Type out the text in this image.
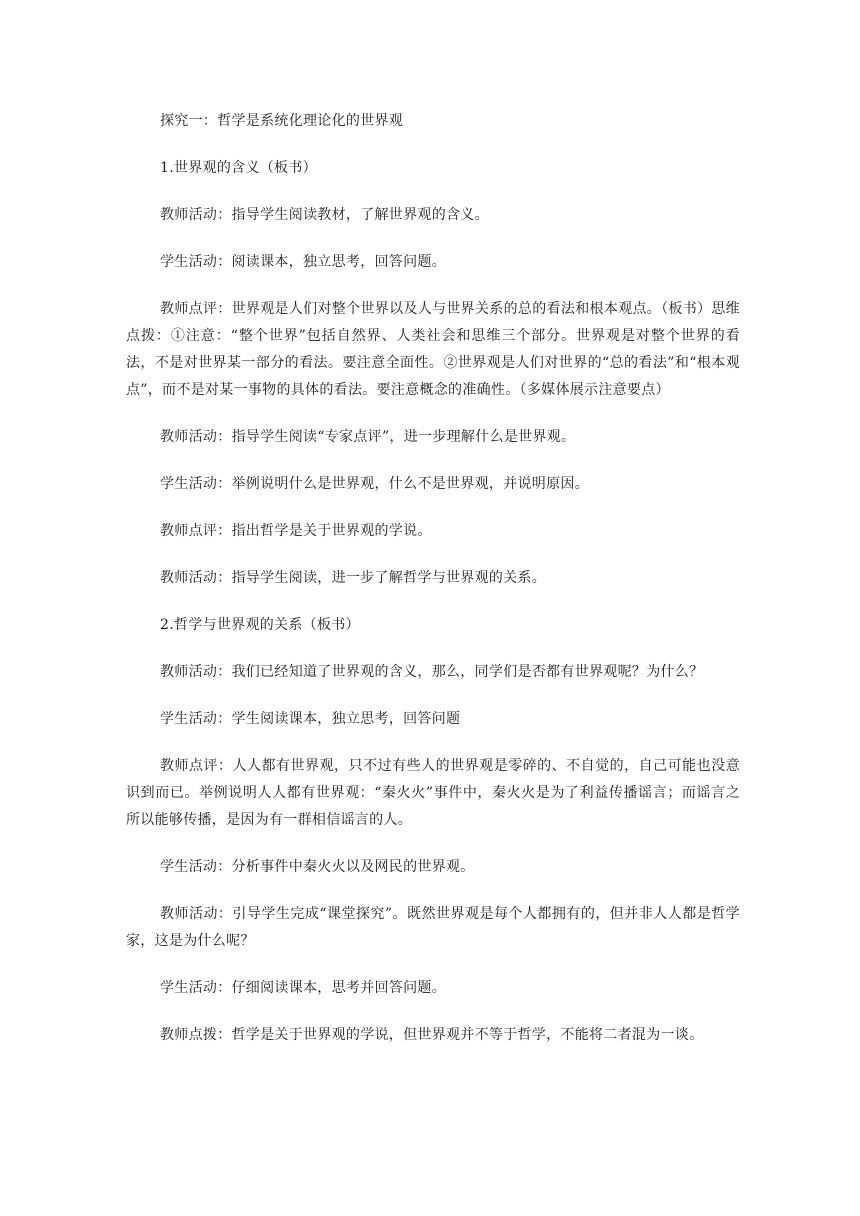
探究一：哲学是系统化理论化的世界观

1.世界观的含义（板书）

教师活动：指导学生阅读教材，了解世界观的含义。

学生活动：阅读课本，独立思考，回答问题。

教师点评：世界观是人们对整个世界以及人与世界关系的总的看法和根本观点。（板书）思维点拨：①注意：“整个世界”包括自然界、人类社会和思维三个部分。世界观是对整个世界的看法，不是对世界某一部分的看法。要注意全面性。②世界观是人们对世界的“总的看法”和“根本观点”，而不是对某一事物的具体的看法。要注意概念的准确性。（多媒体展示注意要点）

教师活动：指导学生阅读“专家点评”，进一步理解什么是世界观。

学生活动：举例说明什么是世界观，什么不是世界观，并说明原因。

教师点评：指出哲学是关于世界观的学说。

教师活动：指导学生阅读，进一步了解哲学与世界观的关系。

2.哲学与世界观的关系（板书）

教师活动：我们已经知道了世界观的含义，那么，同学们是否都有世界观呢？为什么？

学生活动：学生阅读课本，独立思考，回答问题

教师点评：人人都有世界观，只不过有些人的世界观是零碎的、不自觉的，自己可能也没意识到而已。举例说明人人都有世界观：“秦火火”事件中，秦火火是为了利益传播谣言；而谣言之所以能够传播，是因为有一群相信谣言的人。

学生活动：分析事件中秦火火以及网民的世界观。

教师活动：引导学生完成“课堂探究”。既然世界观是每个人都拥有的，但并非人人都是哲学家，这是为什么呢？

学生活动：仔细阅读课本，思考并回答问题。

教师点拨：哲学是关于世界观的学说，但世界观并不等于哲学，不能将二者混为一谈。
